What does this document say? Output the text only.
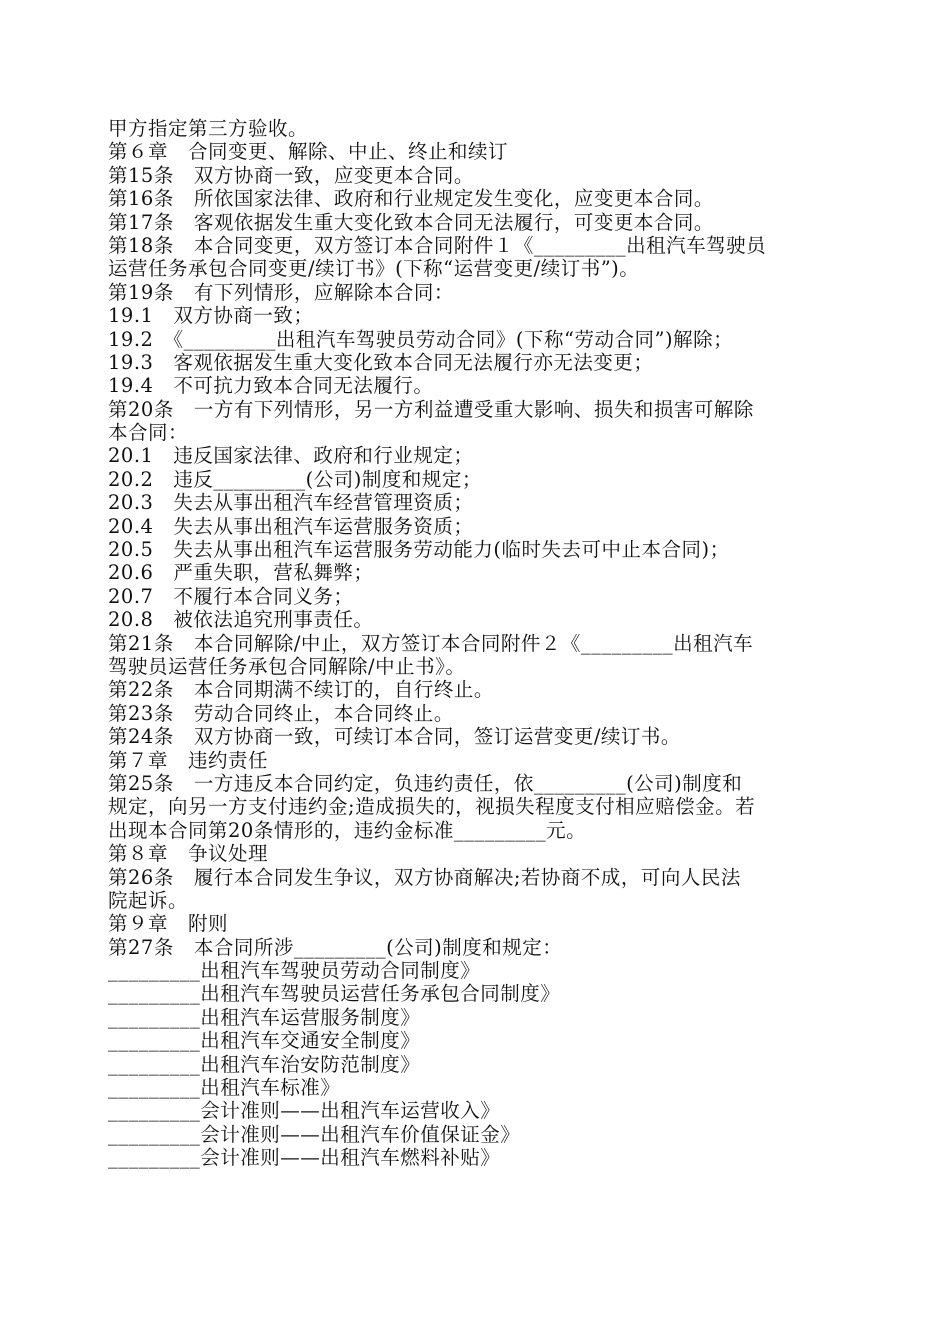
甲方指定第三方验收。
第６章　合同变更、解除、中止、终止和续订
第15条　双方协商一致，应变更本合同。
第16条　所依国家法律、政府和行业规定发生变化，应变更本合同。
第17条　客观依据发生重大变化致本合同无法履行，可变更本合同。
第18条　本合同变更，双方签订本合同附件１《_________出租汽车驾驶员
运营任务承包合同变更/续订书》(下称“运营变更/续订书”)。
第19条　有下列情形，应解除本合同：
19.1　双方协商一致；
19.2　《_________出租汽车驾驶员劳动合同》(下称“劳动合同”)解除；
19.3　客观依据发生重大变化致本合同无法履行亦无法变更；
19.4　不可抗力致本合同无法履行。
第20条　一方有下列情形，另一方利益遭受重大影响、损失和损害可解除
本合同：
20.1　违反国家法律、政府和行业规定；
20.2　违反_________(公司)制度和规定；
20.3　失去从事出租汽车经营管理资质；
20.4　失去从事出租汽车运营服务资质；
20.5　失去从事出租汽车运营服务劳动能力(临时失去可中止本合同)；
20.6　严重失职，营私舞弊；
20.7　不履行本合同义务；
20.8　被依法追究刑事责任。
第21条　本合同解除/中止，双方签订本合同附件２《_________出租汽车
驾驶员运营任务承包合同解除/中止书》。
第22条　本合同期满不续订的，自行终止。
第23条　劳动合同终止，本合同终止。
第24条　双方协商一致，可续订本合同，签订运营变更/续订书。
第７章　违约责任
第25条　一方违反本合同约定，负违约责任，依_________(公司)制度和
规定，向另一方支付违约金;造成损失的，视损失程度支付相应赔偿金。若
出现本合同第20条情形的，违约金标准_________元。
第８章　争议处理
第26条　履行本合同发生争议，双方协商解决;若协商不成，可向人民法
院起诉。
第９章　附则
第27条　本合同所涉_________(公司)制度和规定：
_________出租汽车驾驶员劳动合同制度》
_________出租汽车驾驶员运营任务承包合同制度》
_________出租汽车运营服务制度》
_________出租汽车交通安全制度》
_________出租汽车治安防范制度》
_________出租汽车标准》
_________会计准则——出租汽车运营收入》
_________会计准则——出租汽车价值保证金》
_________会计准则——出租汽车燃料补贴》
